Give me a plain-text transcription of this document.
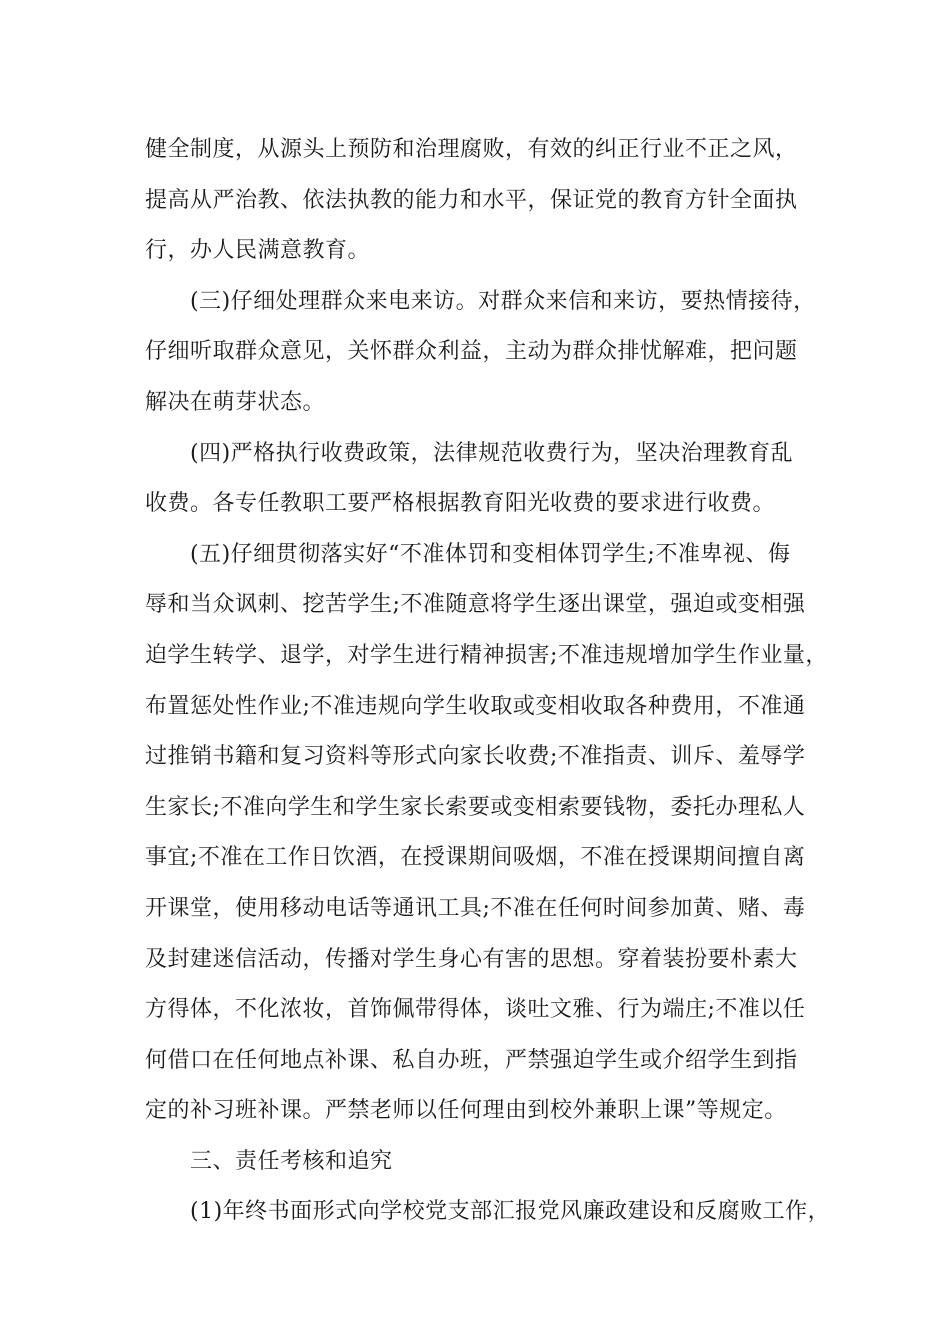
健全制度，从源头上预防和治理腐败，有效的纠正行业不正之风，
提高从严治教、依法执教的能力和水平，保证党的教育方针全面执
行，办人民满意教育。
(三)仔细处理群众来电来访。对群众来信和来访，要热情接待，
仔细听取群众意见，关怀群众利益，主动为群众排忧解难，把问题
解决在萌芽状态。
(四)严格执行收费政策，法律规范收费行为，坚决治理教育乱
收费。各专任教职工要严格根据教育阳光收费的要求进行收费。
(五)仔细贯彻落实好“不准体罚和变相体罚学生;不准卑视、侮
辱和当众讽刺、挖苦学生;不准随意将学生逐出课堂，强迫或变相强
迫学生转学、退学，对学生进行精神损害;不准违规增加学生作业量，
布置惩处性作业;不准违规向学生收取或变相收取各种费用，不准通
过推销书籍和复习资料等形式向家长收费;不准指责、训斥、羞辱学
生家长;不准向学生和学生家长索要或变相索要钱物，委托办理私人
事宜;不准在工作日饮酒，在授课期间吸烟，不准在授课期间擅自离
开课堂，使用移动电话等通讯工具;不准在任何时间参加黄、赌、毒
及封建迷信活动，传播对学生身心有害的思想。穿着装扮要朴素大
方得体，不化浓妆，首饰佩带得体，谈吐文雅、行为端庄;不准以任
何借口在任何地点补课、私自办班，严禁强迫学生或介绍学生到指
定的补习班补课。严禁老师以任何理由到校外兼职上课”等规定。
三、责任考核和追究
(1)年终书面形式向学校党支部汇报党风廉政建设和反腐败工作，
